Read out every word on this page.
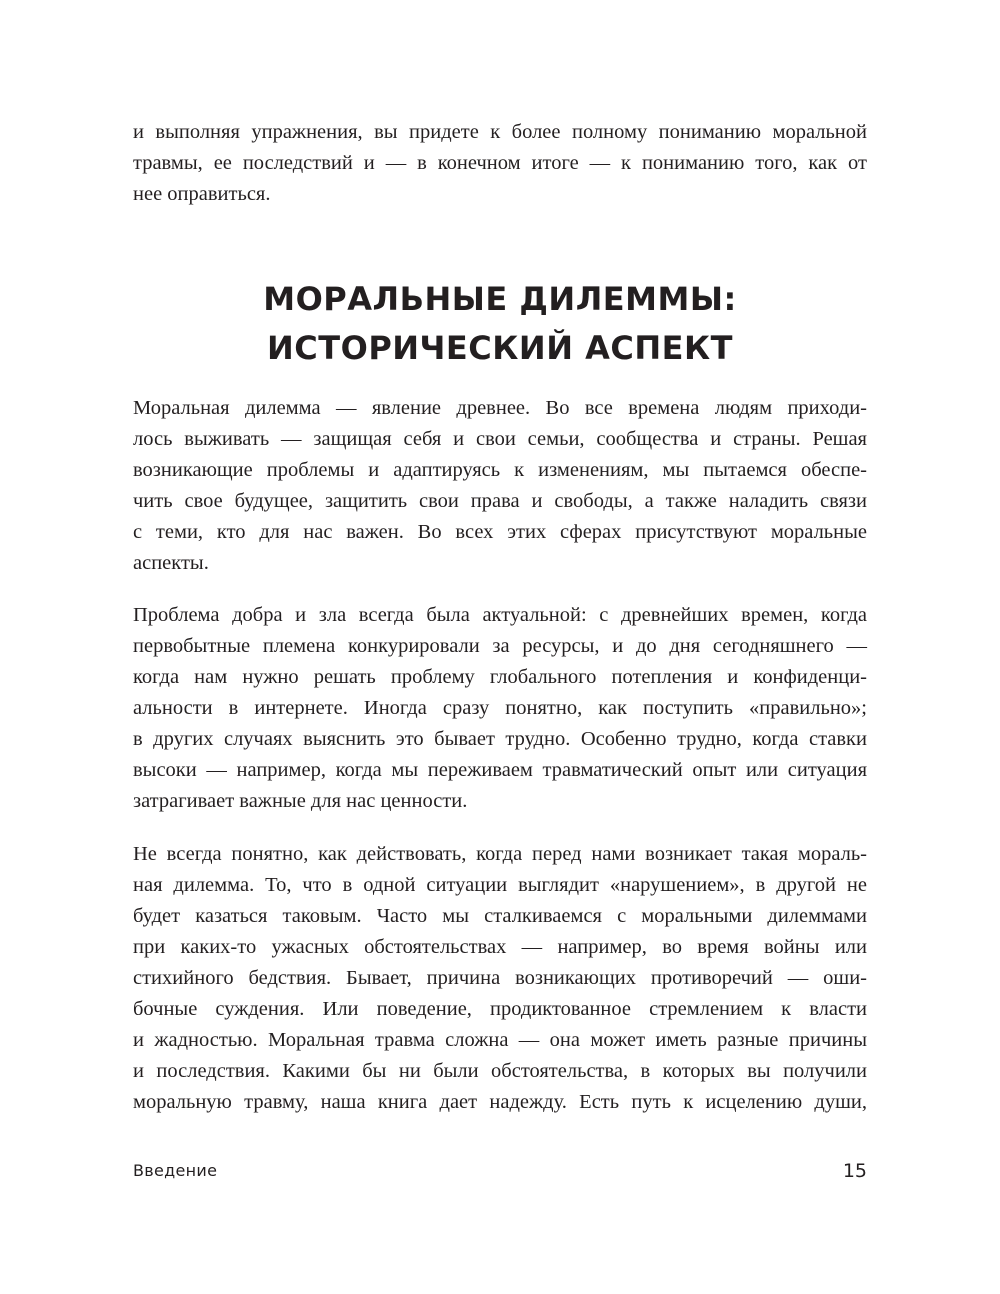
и выполняя упражнения, вы придете к более полному пониманию моральной
травмы, ее последствий и — в конечном итоге — к пониманию того, как от
нее оправиться.
МОРАЛЬНЫЕ ДИЛЕММЫ:
ИСТОРИЧЕСКИЙ АСПЕКТ
Моральная дилемма — явление древнее. Во все времена людям приходи-
лось выживать — защищая себя и свои семьи, сообщества и страны. Решая
возникающие проблемы и адаптируясь к изменениям, мы пытаемся обеспе-
чить свое будущее, защитить свои права и свободы, а также наладить связи
с теми, кто для нас важен. Во всех этих сферах присутствуют моральные
аспекты.
Проблема добра и зла всегда была актуальной: с древнейших времен, когда
первобытные племена конкурировали за ресурсы, и до дня сегодняшнего —
когда нам нужно решать проблему глобального потепления и конфиденци-
альности в интернете. Иногда сразу понятно, как поступить «правильно»;
в других случаях выяснить это бывает трудно. Особенно трудно, когда ставки
высоки — например, когда мы переживаем травматический опыт или ситуация
затрагивает важные для нас ценности.
Не всегда понятно, как действовать, когда перед нами возникает такая мораль-
ная дилемма. То, что в одной ситуации выглядит «нарушением», в другой не
будет казаться таковым. Часто мы сталкиваемся с моральными дилеммами
при каких-то ужасных обстоятельствах — например, во время войны или
стихийного бедствия. Бывает, причина возникающих противоречий — оши-
бочные суждения. Или поведение, продиктованное стремлением к власти
и жадностью. Моральная травма сложна — она может иметь разные причины
и последствия. Какими бы ни были обстоятельства, в которых вы получили
моральную травму, наша книга дает надежду. Есть путь к исцелению души,
Введение	15
